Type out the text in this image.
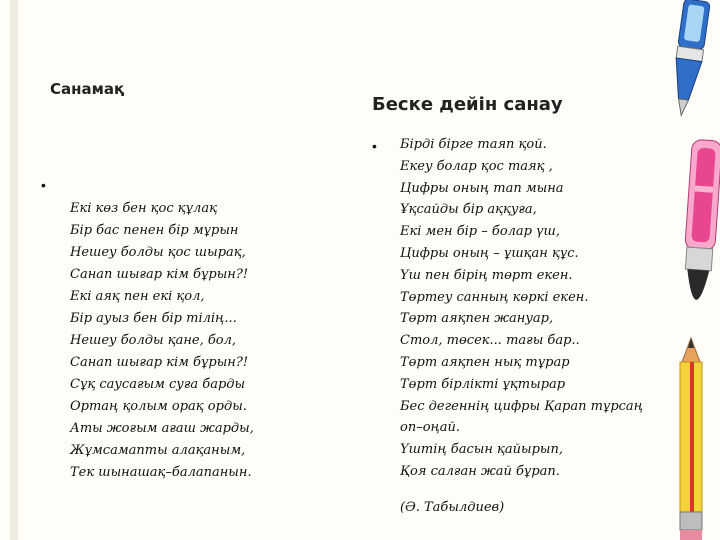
Санамақ
•
Екі көз бен қос құлақ
Бір бас пенен бір мұрын
Нешеу болды қос шырақ,
Санап шығар кім бұрын?!
Екі аяқ пен екі қол,
Бір ауыз бен бір тілің...
Нешеу болды қане, бол,
Санап шығар кім бұрын?!
Сұқ саусағым суға барды
Ортаң қолым орақ орды.
Аты жоғым ағаш жарды,
Жұмсамапты алақаным,
Тек шынашақ–балапанын.
Беске дейін санау
• Бірді бірге таяп қой.
Екеу болар қос таяқ ,
Цифры оның тап мына
Ұқсайды бір аққуға,
Екі мен бір – болар үш,
Цифры оның – ұшқан құс.
Үш пен бірің төрт екен.
Төртеу санның көркі екен.
Төрт аяқпен жануар,
Стол, төсек... тағы бар..
Төрт аяқпен нық тұрар
Төрт бірлікті ұқтырар
Бес дегеннің цифры Қарап тұрсаң
оп–оңай.
Үштің басын қайырып,
Қоя салған жай бұрап.
(Ә. Табылдиев)
